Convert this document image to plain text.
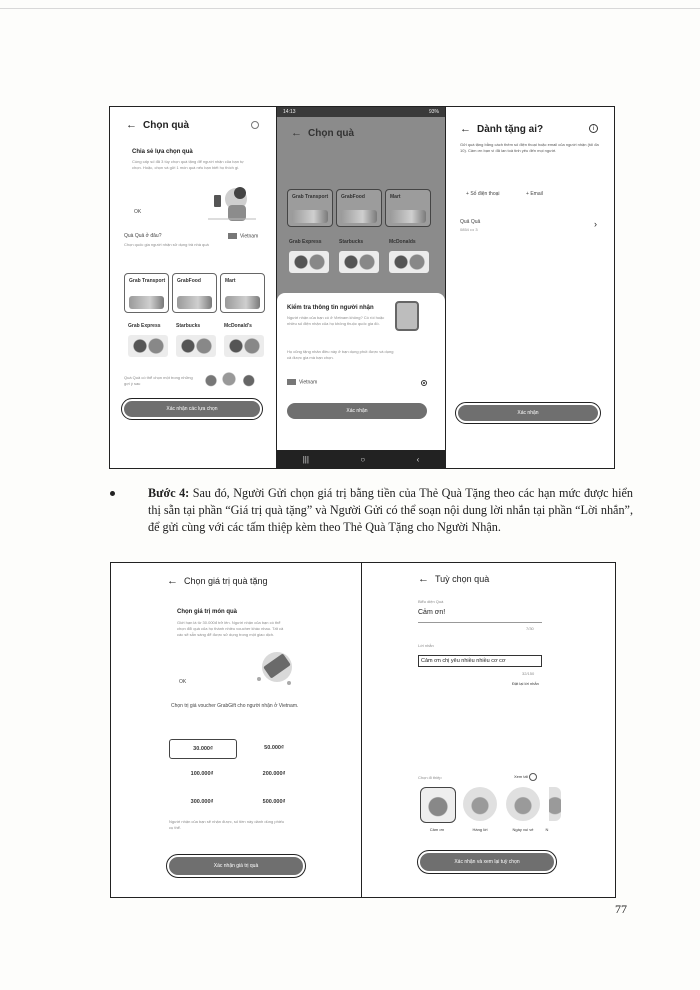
← Chọn quà
Chia sẻ lựa chọn quà
Cùng cấp số đã 3 tùy chọn quà tặng để người nhận của bạn tự chọn. Hoặc, chọn và gửi 1 món quà nếu bạn biết họ thích gì.
OK
Quà Quả ở đâu?	Vietnam
Chọn quốc gia người nhận sử dụng trả nhà quà
Grab Transport GrabFood	Mart
Grab Express	Starbucks	McDonald's
Quà Quả có thể chọn một trong những gợi ý sau
Xác nhận các lựa chọn
14:13	93%
← Chọn quà
Grab Transport	GrabFood	Mart
Grab Express	Starbucks	McDonalds
Kiểm tra thông tin người nhận
Người nhận của bạn có ở Vietnam không? Có rồi hoặc nhiều số điện nhận của họ không thuộc quốc gia đó.
Họ cũng tặng nhân điều này ở bạn dụng phút được và dụng cả được gia mà bạn chọn.
Vietnam
Xác nhận
|||	○	‹
← Dành tặng ai?	i
Gửi quà tặng bằng cách thêm số điện thoại hoặc email của người nhận (tối đa 10). Cảm ơn bạn vì đã lan toả tinh yêu đến mọi người.
+ Số điện thoại	+ Email
Quả Quả
0854 ••• 3
›
Xác nhận
Bước 4: Sau đó, Người Gửi chọn giá trị bằng tiền của Thẻ Quà Tặng theo các hạn mức được hiển thị sẵn tại phần “Giá trị quà tặng” và Người Gửi có thể soạn nội dung lời nhắn tại phần “Lời nhắn”, để gửi cùng với các tấm thiệp kèm theo Thẻ Quà Tặng cho Người Nhận.
← Chọn giá trị quà tặng
Chọn giá trị món quà
Giới hạn là từ 30.000đ trở lên. Người nhận của bạn có thể chọn đổi quà của họ thành nhiều voucher khác nhau. Tất cả các sẽ sẵn sàng để được sử dụng trong một giao dịch.
OK
Chọn trị giá voucher GrabGift cho người nhận ở Vietnam.
30.000₫	50.000₫
100.000₫	200.000₫
300.000₫	500.000₫
Người nhận của bạn sẽ nhận được, số tiền này dành dùng phiếu cụ thể.
Xác nhận giá trị quà
← Tuỳ chọn quà
Biểu diện Quà
Cảm ơn!
7/30
Lời nhắn
Cảm ơn chị yêu nhiều nhiều cơ cơ
32/150
Đặt lại lời nhắn
Chọn đi thiệp	Xem tất
Cảm ơn	Hàng lời	Ngày vui vẻ	N
Xác nhận và xem lại tuỳ chọn
77
